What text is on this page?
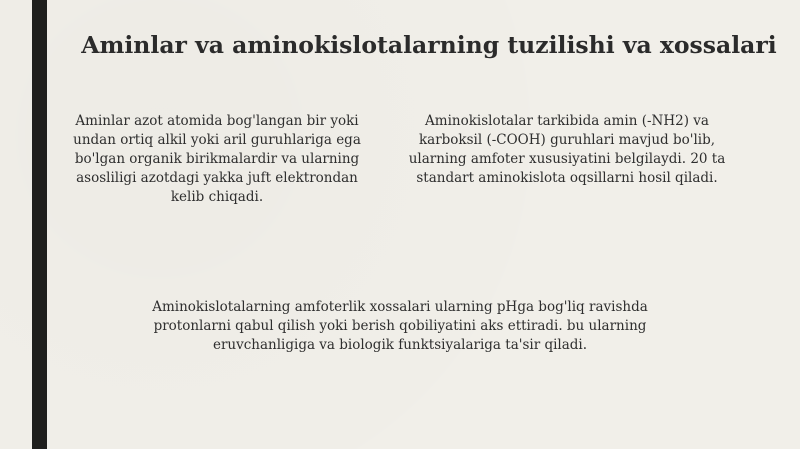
Aminlar va aminokislotalarning tuzilishi va xossalari

Aminlar azot atomida bog'langan bir yoki undan ortiq alkil yoki aril guruhlariga ega bo'lgan organik birikmalardir va ularning asosliligi azotdagi yakka juft elektrondan kelib chiqadi.

Aminokislotalar tarkibida amin (-NH2) va karboksil (-COOH) guruhlari mavjud bo'lib, ularning amfoter xususiyatini belgilaydi. 20 ta standart aminokislota oqsillarni hosil qiladi.

Aminokislotalarning amfoterlik xossalari ularning pHga bog'liq ravishda protonlarni qabul qilish yoki berish qobiliyatini aks ettiradi. bu ularning eruvchanligiga va biologik funktsiyalariga ta'sir qiladi.
